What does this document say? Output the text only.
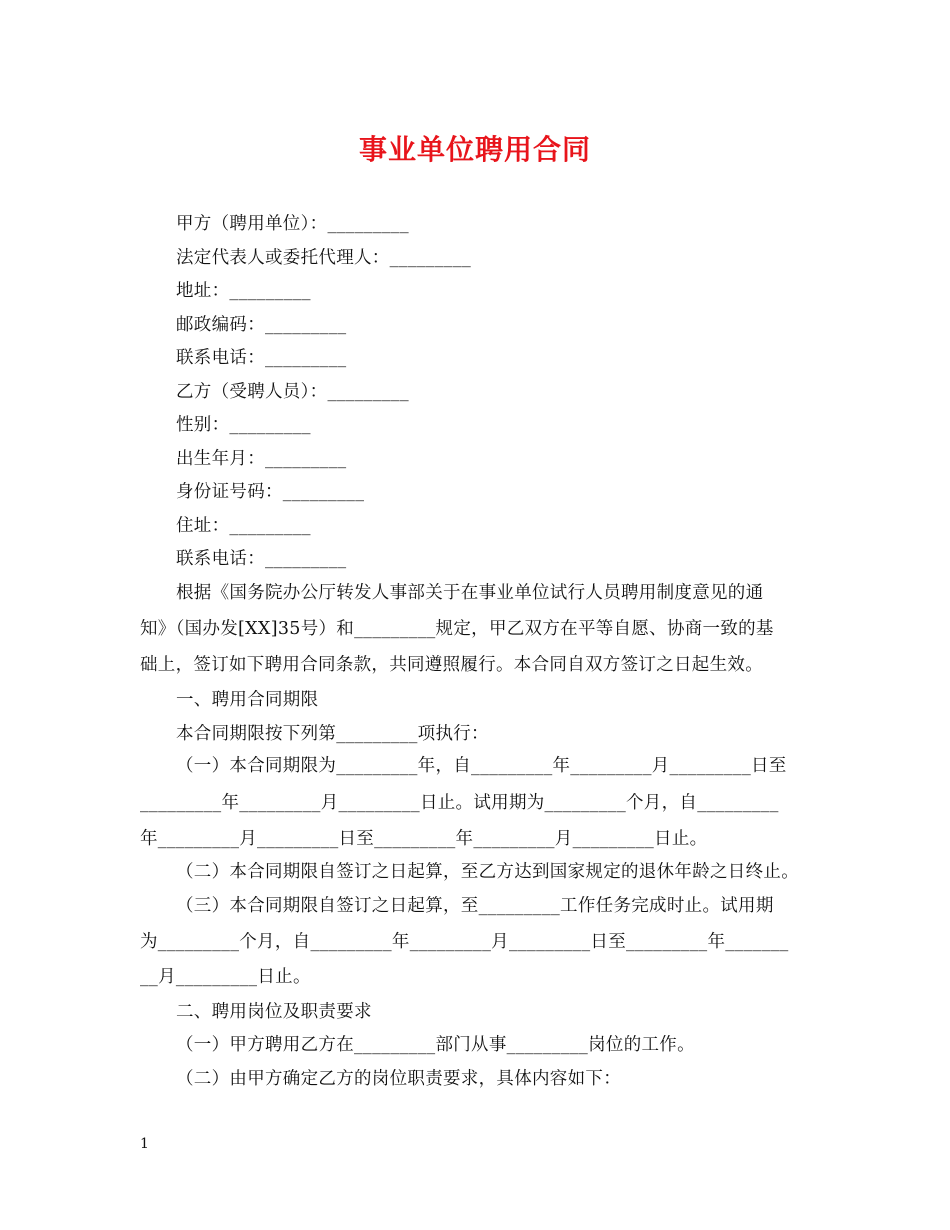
事业单位聘用合同
甲方（聘用单位）：_________
法定代表人或委托代理人：_________
地址：_________
邮政编码：_________
联系电话：_________
乙方（受聘人员）：_________
性别：_________
出生年月：_________
身份证号码：_________
住址：_________
联系电话：_________
根据《国务院办公厅转发人事部关于在事业单位试行人员聘用制度意见的通
知》（国办发[XX]35号）和_________规定，甲乙双方在平等自愿、协商一致的基
础上，签订如下聘用合同条款，共同遵照履行。本合同自双方签订之日起生效。
一、聘用合同期限
本合同期限按下列第_________项执行：
（一）本合同期限为_________年，自_________年_________月_________日至
_________年_________月_________日止。试用期为_________个月，自_________
年_________月_________日至_________年_________月_________日止。
（二）本合同期限自签订之日起算，至乙方达到国家规定的退休年龄之日终止。
（三）本合同期限自签订之日起算，至_________工作任务完成时止。试用期
为_________个月，自_________年_________月_________日至_________年_______
__月_________日止。
二、聘用岗位及职责要求
（一）甲方聘用乙方在_________部门从事_________岗位的工作。
（二）由甲方确定乙方的岗位职责要求，具体内容如下：
1
